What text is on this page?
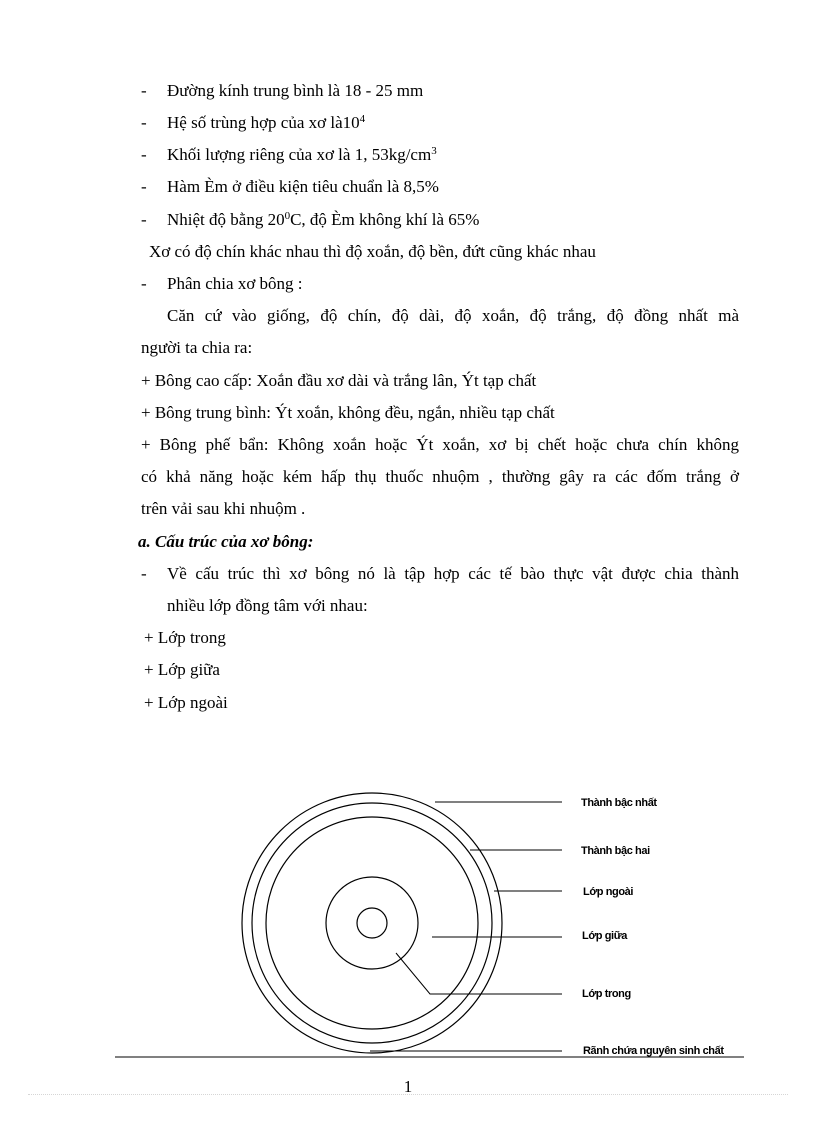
- Đường kính trung bình là 18 - 25 mm
- Hệ số trùng hợp của xơ $là10^4$
- Khối lượng riêng của xơ là 1, $53kg/cm^3$
- Hàm Èm ở điều kiện tiêu chuẩn là 8,5%
- Nhiệt độ bằng $20^0C$, độ Èm không khí là 65%
Xơ có độ chín khác nhau thì độ xoắn, độ bền, đứt cũng khác nhau
- Phân chia xơ bông :
Căn cứ vào giống, độ chín, độ dài, độ xoắn, độ trắng, độ đồng nhất mà
người ta chia ra:
+ Bông cao cấp: Xoắn đầu xơ dài và trắng lân, Ýt tạp chất
+ Bông trung bình: Ýt xoắn, không đều, ngắn, nhiều tạp chất
+ Bông phế bẩn: Không xoắn hoặc Ýt xoắn, xơ bị chết hoặc chưa chín không
có khả năng hoặc kém hấp thụ thuốc nhuộm , thường gây ra các đốm trắng ở
trên vải sau khi nhuộm .
a. Cấu trúc của xơ bông:
- Về cấu trúc thì xơ bông nó là tập hợp các tế bào thực vật được chia thành
nhiều lớp đồng tâm với nhau:
+ Lớp trong
+ Lớp giữa
+ Lớp ngoài
Thành bậc nhất
Thành bậc hai
Lớp ngoài
Lớp giữa
Lớp trong
Rãnh chứa nguyên sinh chất
1
